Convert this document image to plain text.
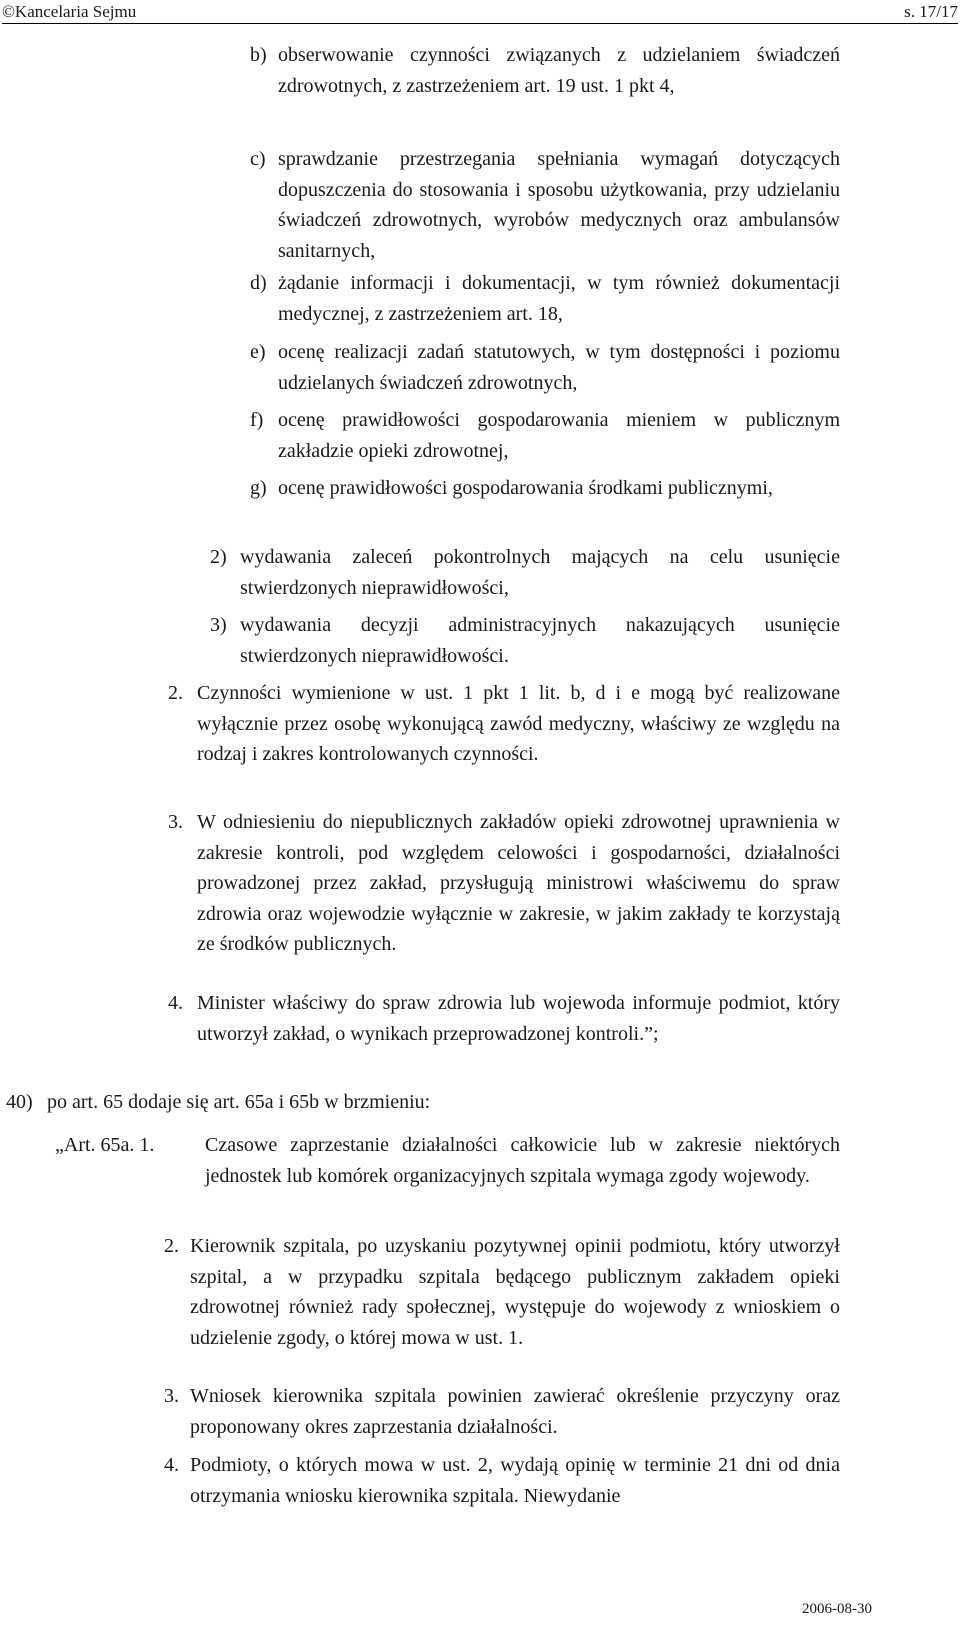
©Kancelaria Sejmu	s. 17/17
b) obserwowanie czynności związanych z udzielaniem świadczeń zdrowotnych, z zastrzeżeniem art. 19 ust. 1 pkt 4,
c) sprawdzanie przestrzegania spełniania wymagań dotyczących dopuszczenia do stosowania i sposobu użytkowania, przy udzielaniu świadczeń zdrowotnych, wyrobów medycznych oraz ambulansów sanitarnych,
d) żądanie informacji i dokumentacji, w tym również dokumentacji medycznej, z zastrzeżeniem art. 18,
e) ocenę realizacji zadań statutowych, w tym dostępności i poziomu udzielanych świadczeń zdrowotnych,
f) ocenę prawidłowości gospodarowania mieniem w publicznym zakładzie opieki zdrowotnej,
g) ocenę prawidłowości gospodarowania środkami publicznymi,
2) wydawania zaleceń pokontrolnych mających na celu usunięcie stwierdzonych nieprawidłowości,
3) wydawania decyzji administracyjnych nakazujących usunięcie stwierdzonych nieprawidłowości.
2. Czynności wymienione w ust. 1 pkt 1 lit. b, d i e mogą być realizowane wyłącznie przez osobę wykonującą zawód medyczny, właściwy ze względu na rodzaj i zakres kontrolowanych czynności.
3. W odniesieniu do niepublicznych zakładów opieki zdrowotnej uprawnienia w zakresie kontroli, pod względem celowości i gospodarności, działalności prowadzonej przez zakład, przysługują ministrowi właściwemu do spraw zdrowia oraz wojewodzie wyłącznie w zakresie, w jakim zakłady te korzystają ze środków publicznych.
4. Minister właściwy do spraw zdrowia lub wojewoda informuje podmiot, który utworzył zakład, o wynikach przeprowadzonej kontroli.”;
40) po art. 65 dodaje się art. 65a i 65b w brzmieniu:
„Art. 65a. 1.	Czasowe zaprzestanie działalności całkowicie lub w zakresie niektórych jednostek lub komórek organizacyjnych szpitala wymaga zgody wojewody.
2. Kierownik szpitala, po uzyskaniu pozytywnej opinii podmiotu, który utworzył szpital, a w przypadku szpitala będącego publicznym zakładem opieki zdrowotnej również rady społecznej, występuje do wojewody z wnioskiem o udzielenie zgody, o której mowa w ust. 1.
3. Wniosek kierownika szpitala powinien zawierać określenie przyczyny oraz proponowany okres zaprzestania działalności.
4. Podmioty, o których mowa w ust. 2, wydają opinię w terminie 21 dni od dnia otrzymania wniosku kierownika szpitala. Niewydanie
2006-08-30
